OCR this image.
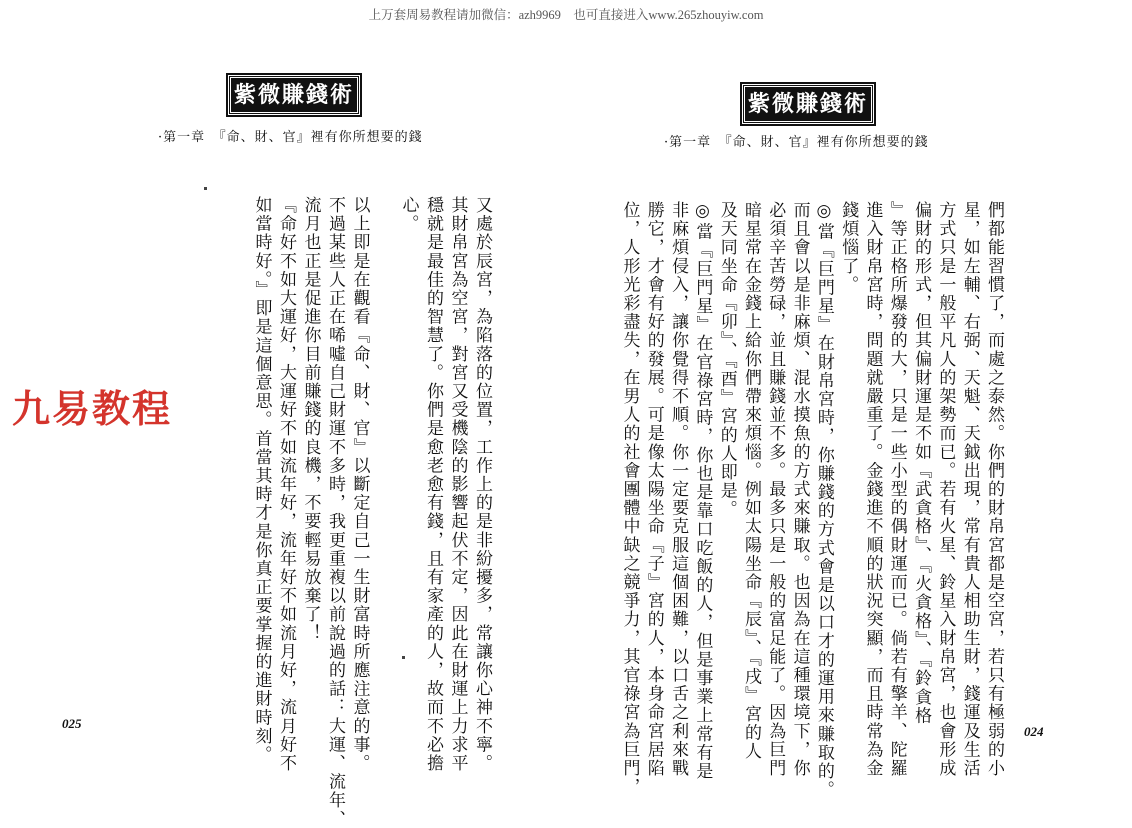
上万套周易教程请加微信：azh9969　也可直接进入www.265zhouyiw.com
紫微賺錢術
·第一章　『命、財、官』裡有你所想要的錢
又處於辰宮，為陷落的位置，工作上的是非紛擾多，常讓你心神不寧。
其財帛宮為空宮，對宮又受機陰的影響起伏不定，因此在財運上力求平
穩就是最佳的智慧了。你們是愈老愈有錢，且有家產的人，故而不必擔
心。
以上即是在觀看『命、財、官』以斷定自己一生財富時所應注意的事。
不過某些人正在唏噓自己財運不多時，我更重複以前說過的話：大運、流年、
流月也正是促進你目前賺錢的良機，不要輕易放棄了！
『命好不如大運好，大運好不如流年好，流年好不如流月好，流月好不
如當時好。』即是這個意思。首當其時才是你真正要掌握的進財時刻。
025
紫微賺錢術
·第一章　『命、財、官』裡有你所想要的錢
們都能習慣了，而處之泰然。你們的財帛宮都是空宮，若只有極弱的小
星，如左輔、右弼、天魁、天鉞出現，常有貴人相助生財，錢運及生活
方式只是一般平凡人的架勢而已。若有火星、鈴星入財帛宮，也會形成
偏財的形式，但其偏財運是不如『武貪格』、『火貪格』、『鈴貪格
』等正格所爆發的大，只是一些小型的偶財運而已。倘若有擎羊、陀羅
進入財帛宮時，問題就嚴重了。金錢進不順的狀況突顯，而且時常為金
錢煩惱了。
◎當『巨門星』在財帛宮時，你賺錢的方式會是以口才的運用來賺取的。
而且會以是非麻煩、混水摸魚的方式來賺取。也因為在這種環境下，你
必須辛苦勞碌，並且賺錢並不多。最多只是一般的富足能了。因為巨門
暗星常在金錢上給你們帶來煩惱。例如太陽坐命『辰』、『戌』宮的人
及天同坐命『卯』、『酉』宮的人即是。
◎當『巨門星』在官祿宮時，你也是靠口吃飯的人，但是事業上常有是
非麻煩侵入，讓你覺得不順。你一定要克服這個困難，以口舌之利來戰
勝它，才會有好的發展。可是像太陽坐命『子』宮的人，本身命宮居陷
位，人形光彩盡失，在男人的社會團體中缺之競爭力，其官祿宮為巨門，	024
九易教程
